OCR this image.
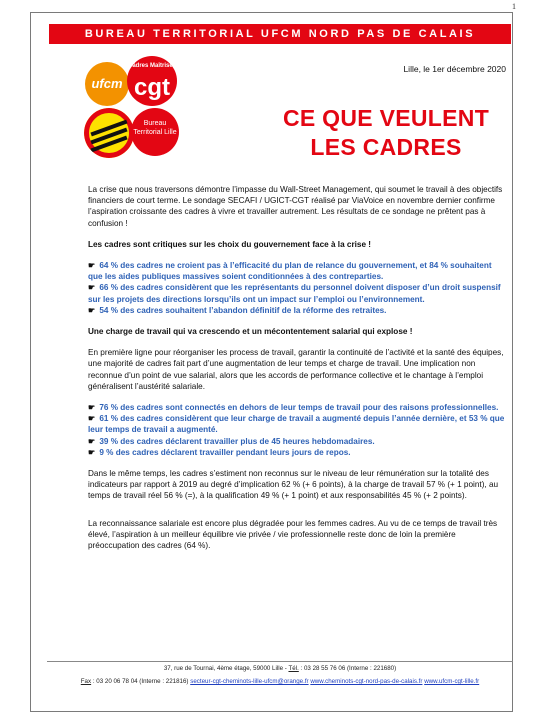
1
BUREAU TERRITORIAL UFCM NORD PAS DE CALAIS
ufcm
Cadres Maîtrises
cgt
Bureau Territorial Lille
Lille, le 1er décembre 2020
CE QUE VEULENT LES CADRES

La crise que nous traversons démontre l’impasse du Wall-Street Management, qui soumet le travail à des objectifs financiers de court terme. Le sondage SECAFI / UGICT-CGT réalisé par ViaVoice en novembre dernier confirme l’aspiration croissante des cadres à vivre et travailler autrement. Les résultats de ce sondage ne prêtent pas à confusion !

Les cadres sont critiques sur les choix du gouvernement face à la crise !

☛ 64 % des cadres ne croient pas à l’efficacité du plan de relance du gouvernement, et 84 % souhaitent que les aides publiques massives soient conditionnées à des contreparties.

☛ 66 % des cadres considèrent que les représentants du personnel doivent disposer d’un droit suspensif sur les projets des directions lorsqu’ils ont un impact sur l’emploi ou l’environnement.

☛ 54 % des cadres souhaitent l’abandon définitif de la réforme des retraites.

Une charge de travail qui va crescendo et un mécontentement salarial qui explose !

En première ligne pour réorganiser les process de travail, garantir la continuité de l’activité et la santé des équipes, une majorité de cadres fait part d’une augmentation de leur temps et charge de travail. Une implication non reconnue d’un point de vue salarial, alors que les accords de performance collective et le chantage à l’emploi généralisent l’austérité salariale.

☛ 76 % des cadres sont connectés en dehors de leur temps de travail pour des raisons professionnelles.

☛ 61 % des cadres considèrent que leur charge de travail a augmenté depuis l’année dernière, et 53 % que leur temps de travail a augmenté.

☛ 39 % des cadres déclarent travailler plus de 45 heures hebdomadaires.

☛ 9 % des cadres déclarent travailler pendant leurs jours de repos.

Dans le même temps, les cadres s’estiment non reconnus sur le niveau de leur rémunération sur la totalité des indicateurs par rapport à 2019 au degré d’implication 62 % (+ 6 points), à la charge de travail 57 % (+ 1 point), au temps de travail réel 56 % (=), à la qualification 49 % (+ 1 point) et aux responsabilités 45 % (+ 2 points).

La reconnaissance salariale est encore plus dégradée pour les femmes cadres. Au vu de ce temps de travail très élevé, l’aspiration à un meilleur équilibre vie privée / vie professionnelle reste donc de loin la première préoccupation des cadres (64 %).

37, rue de Tournai, 4ème étage, 59000 Lille - Tél. : 03 28 55 76 06 (Interne : 221680)
Fax : 03 20 06 78 04 (Interne : 221816) secteur-cgt-cheminots-lille-ufcm@orange.fr www.cheminots-cgt-nord-pas-de-calais.fr www.ufcm-cgt-lille.fr
